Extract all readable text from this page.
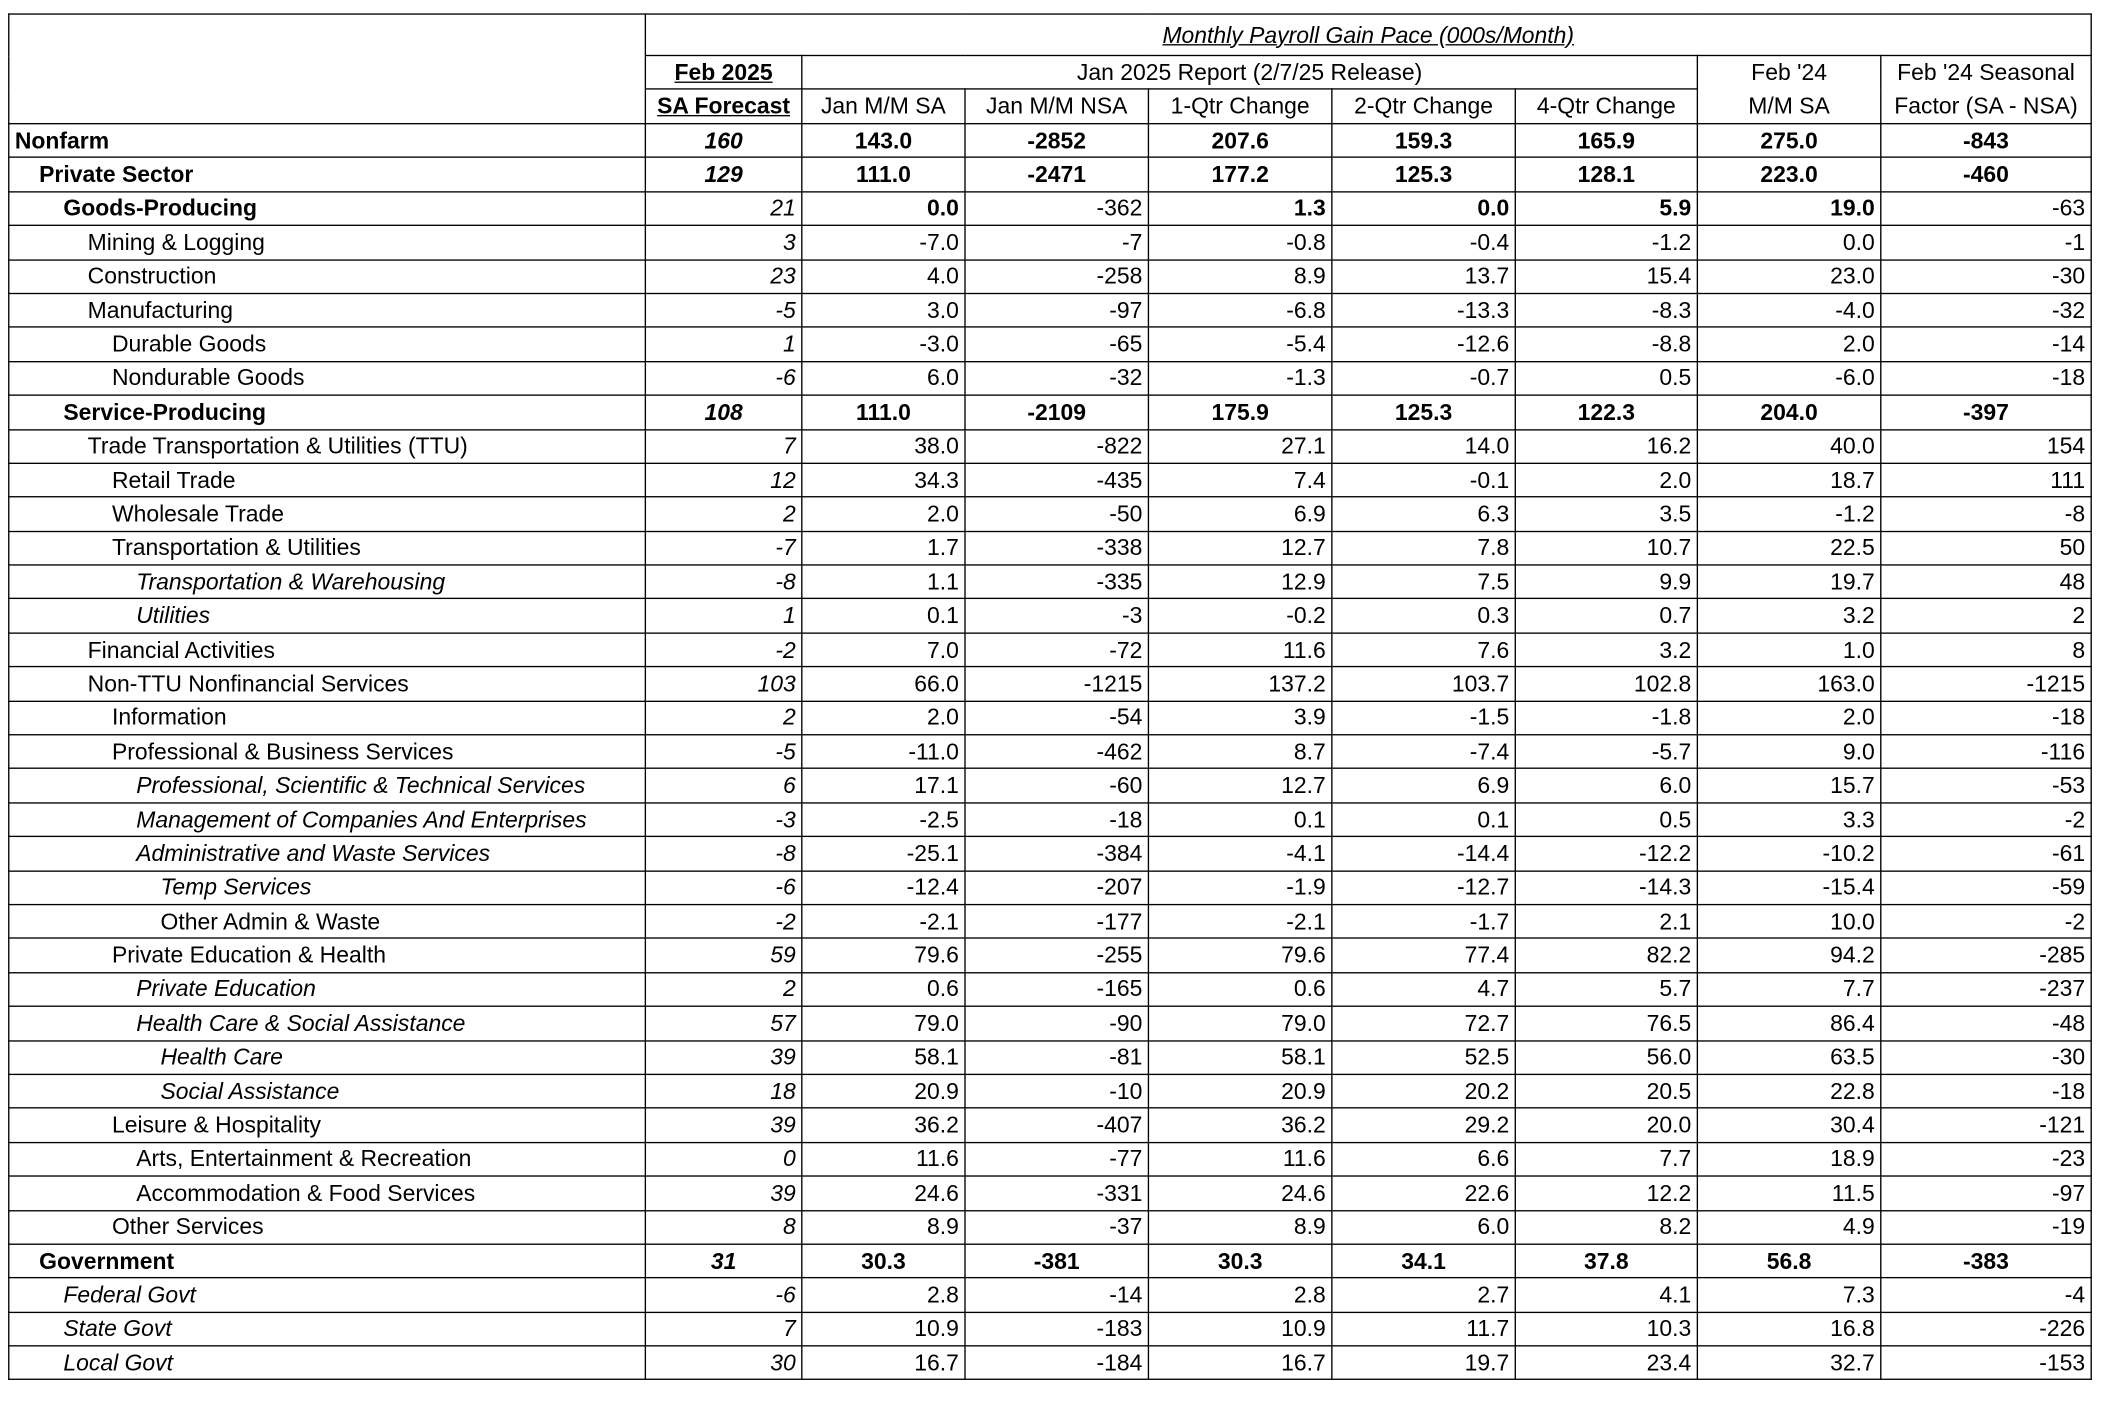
	Monthly Payroll Gain Pace (000s/Month)							
	Feb 2025	Jan 2025 Report (2/7/25 Release)					Feb '24	Feb '24 Seasonal
	SA Forecast	Jan M/M SA	Jan M/M NSA	1-Qtr Change	2-Qtr Change	4-Qtr Change	M/M SA	Factor (SA - NSA)
Nonfarm	160	143.0	-2852	207.6	159.3	165.9	275.0	-843
Private Sector	129	111.0	-2471	177.2	125.3	128.1	223.0	-460
Goods-Producing	21	0.0	-362	1.3	0.0	5.9	19.0	-63
Mining & Logging	3	-7.0	-7	-0.8	-0.4	-1.2	0.0	-1
Construction	23	4.0	-258	8.9	13.7	15.4	23.0	-30
Manufacturing	-5	3.0	-97	-6.8	-13.3	-8.3	-4.0	-32
Durable Goods	1	-3.0	-65	-5.4	-12.6	-8.8	2.0	-14
Nondurable Goods	-6	6.0	-32	-1.3	-0.7	0.5	-6.0	-18
Service-Producing	108	111.0	-2109	175.9	125.3	122.3	204.0	-397
Trade Transportation & Utilities (TTU)	7	38.0	-822	27.1	14.0	16.2	40.0	154
Retail Trade	12	34.3	-435	7.4	-0.1	2.0	18.7	111
Wholesale Trade	2	2.0	-50	6.9	6.3	3.5	-1.2	-8
Transportation & Utilities	-7	1.7	-338	12.7	7.8	10.7	22.5	50
Transportation & Warehousing	-8	1.1	-335	12.9	7.5	9.9	19.7	48
Utilities	1	0.1	-3	-0.2	0.3	0.7	3.2	2
Financial Activities	-2	7.0	-72	11.6	7.6	3.2	1.0	8
Non-TTU Nonfinancial Services	103	66.0	-1215	137.2	103.7	102.8	163.0	-1215
Information	2	2.0	-54	3.9	-1.5	-1.8	2.0	-18
Professional & Business Services	-5	-11.0	-462	8.7	-7.4	-5.7	9.0	-116
Professional, Scientific & Technical Services	6	17.1	-60	12.7	6.9	6.0	15.7	-53
Management of Companies And Enterprises	-3	-2.5	-18	0.1	0.1	0.5	3.3	-2
Administrative and Waste Services	-8	-25.1	-384	-4.1	-14.4	-12.2	-10.2	-61
Temp Services	-6	-12.4	-207	-1.9	-12.7	-14.3	-15.4	-59
Other Admin & Waste	-2	-2.1	-177	-2.1	-1.7	2.1	10.0	-2
Private Education & Health	59	79.6	-255	79.6	77.4	82.2	94.2	-285
Private Education	2	0.6	-165	0.6	4.7	5.7	7.7	-237
Health Care & Social Assistance	57	79.0	-90	79.0	72.7	76.5	86.4	-48
Health Care	39	58.1	-81	58.1	52.5	56.0	63.5	-30
Social Assistance	18	20.9	-10	20.9	20.2	20.5	22.8	-18
Leisure & Hospitality	39	36.2	-407	36.2	29.2	20.0	30.4	-121
Arts, Entertainment & Recreation	0	11.6	-77	11.6	6.6	7.7	18.9	-23
Accommodation & Food Services	39	24.6	-331	24.6	22.6	12.2	11.5	-97
Other Services	8	8.9	-37	8.9	6.0	8.2	4.9	-19
Government	31	30.3	-381	30.3	34.1	37.8	56.8	-383
Federal Govt	-6	2.8	-14	2.8	2.7	4.1	7.3	-4
State Govt	7	10.9	-183	10.9	11.7	10.3	16.8	-226
Local Govt	30	16.7	-184	16.7	19.7	23.4	32.7	-153
